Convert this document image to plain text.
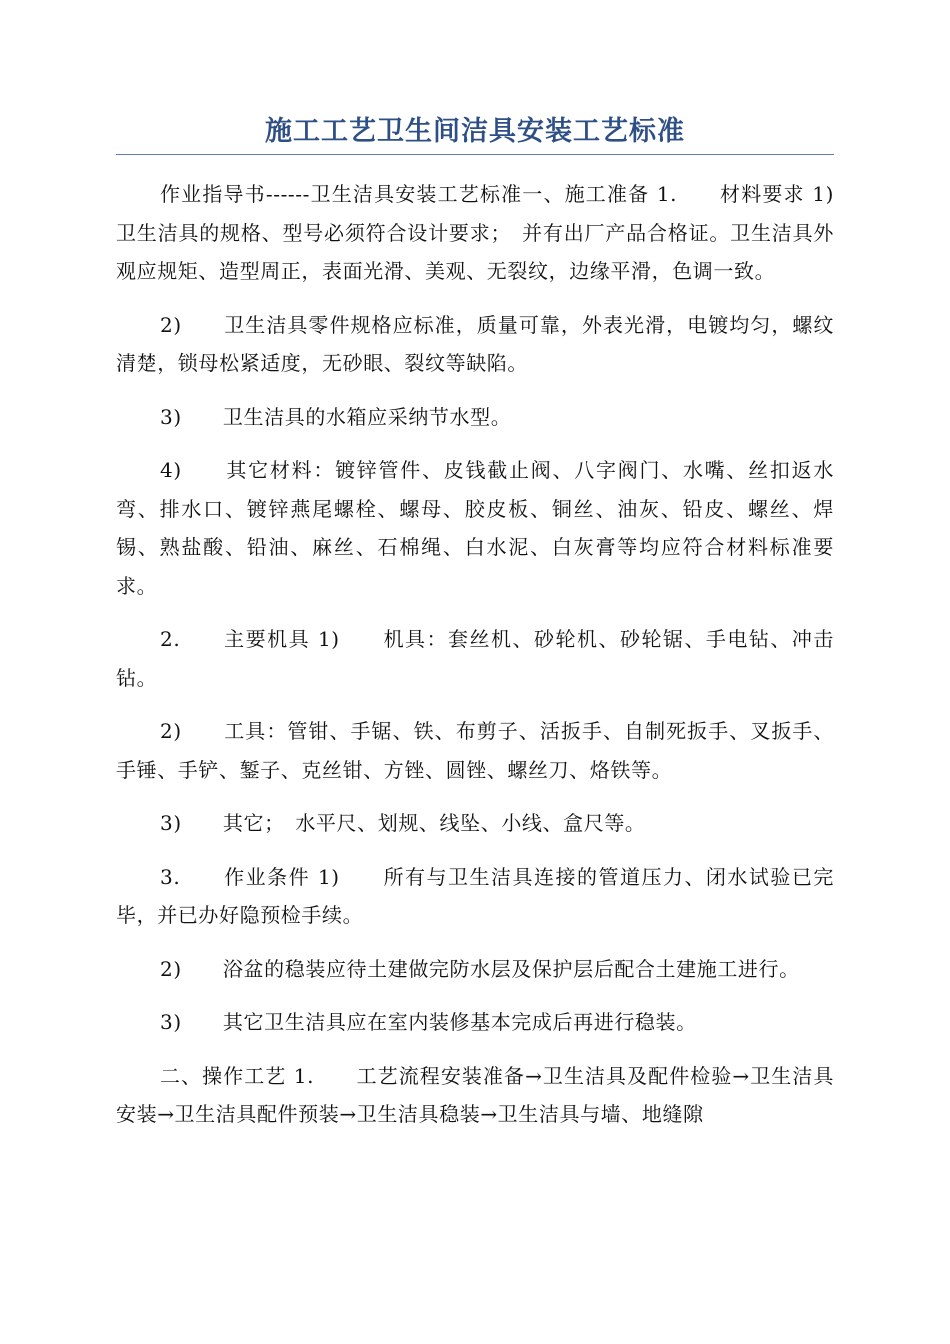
施工工艺卫生间洁具安装工艺标准

作业指导书------卫生洁具安装工艺标准一、施工准备 1.　　材料要求 1)　　卫生洁具的规格、型号必须符合设计要求；　并有出厂产品合格证。卫生洁具外观应规矩、造型周正，表面光滑、美观、无裂纹，边缘平滑，色调一致。

2)　　卫生洁具零件规格应标准，质量可靠，外表光滑，电镀均匀，螺纹清楚，锁母松紧适度，无砂眼、裂纹等缺陷。

3)　　卫生洁具的水箱应采纳节水型。

4)　　其它材料：镀锌管件、皮钱截止阀、八字阀门、水嘴、丝扣返水弯、排水口、镀锌燕尾螺栓、螺母、胶皮板、铜丝、油灰、铅皮、螺丝、焊锡、熟盐酸、铅油、麻丝、石棉绳、白水泥、白灰膏等均应符合材料标准要求。

2.　　主要机具 1)　　机具：套丝机、砂轮机、砂轮锯、手电钻、冲击钻。

2)　　工具：管钳、手锯、铁、布剪子、活扳手、自制死扳手、叉扳手、手锤、手铲、錾子、克丝钳、方锉、圆锉、螺丝刀、烙铁等。

3)　　其它；　水平尺、划规、线坠、小线、盒尺等。

3.　　作业条件 1)　　所有与卫生洁具连接的管道压力、闭水试验已完毕，并已办好隐预检手续。

2)　　浴盆的稳装应待土建做完防水层及保护层后配合土建施工进行。

3)　　其它卫生洁具应在室内装修基本完成后再进行稳装。

二、操作工艺 1.　　工艺流程安装准备→卫生洁具及配件检验→卫生洁具安装→卫生洁具配件预装→卫生洁具稳装→卫生洁具与墙、地缝隙
